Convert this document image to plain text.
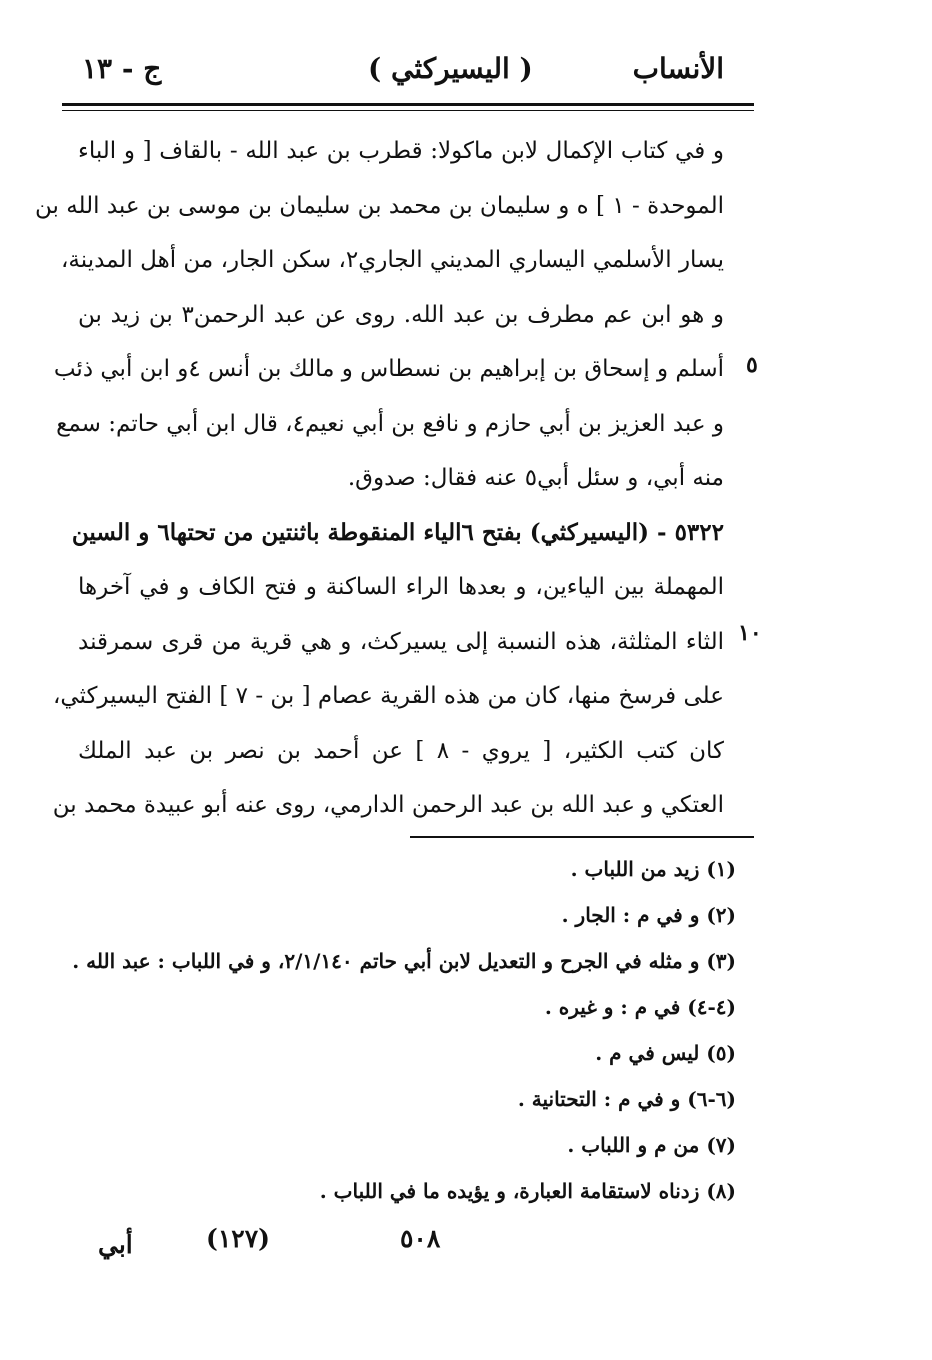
الأنساب
( اليسيركثي )
ج - ١٣
و في كتاب الإكمال لابن ماكولا: قطرب بن عبد الله - بالقاف [ و الباء
الموحدة - ١ ] ه و سليمان بن محمد بن سليمان بن موسى بن عبد الله بن
يسار الأسلمي اليساري المديني الجاري٢، سكن الجار، من أهل المدينة،
و هو ابن عم مطرف بن عبد الله. روى عن عبد الرحمن٣ بن زيد بن
أسلم و إسحاق بن إبراهيم بن نسطاس و مالك بن أنس ٤و ابن أبي ذئب
و عبد العزيز بن أبي حازم و نافع بن أبي نعيم٤، قال ابن أبي حاتم: سمع
منه أبي، و سئل أبي٥ عنه فقال: صدوق.
٥٣٢٢ - (اليسيركثي) بفتح ٦الياء المنقوطة باثنتين من تحتها٦ و السين
المهملة بين الياءين، و بعدها الراء الساكنة و فتح الكاف و في آخرها
الثاء المثلثة، هذه النسبة إلى يسيركث، و هي قرية من قرى سمرقند
على فرسخ منها، كان من هذه القرية عصام [ بن - ٧ ] الفتح اليسيركثي،
كان كتب الكثير، [ يروي - ٨ ] عن أحمد بن نصر بن عبد الملك
العتكي و عبد الله بن عبد الرحمن الدارمي، روى عنه أبو عبيدة محمد بن
٥
١٠
(١) زيد من اللباب .
(٢) و في م : الجار .
(٣) و مثله في الجرح و التعديل لابن أبي حاتم ٢/١/١٤٠، و في اللباب : عبد الله .
(٤-٤) في م : و غيره .
(٥) ليس في م .
(٦-٦) و في م : التحتانية .
(٧) من م و اللباب .
(٨) زدناه لاستقامة العبارة، و يؤيده ما في اللباب .
٥٠٨
(١٢٧)
أبي
